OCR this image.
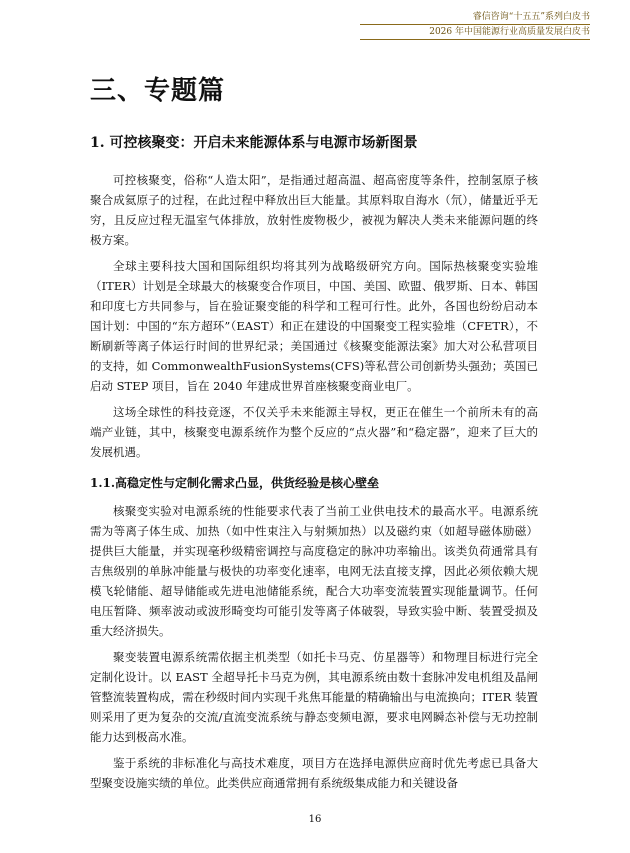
睿信咨询“十五五”系列白皮书
2026 年中国能源行业高质量发展白皮书
三、专题篇
1. 可控核聚变：开启未来能源体系与电源市场新图景

可控核聚变，俗称“人造太阳”，是指通过超高温、超高密度等条件，控制氢原子核聚合成氦原子的过程，在此过程中释放出巨大能量。其原料取自海水（氘），储量近乎无穷，且反应过程无温室气体排放，放射性废物极少，被视为解决人类未来能源问题的终极方案。

全球主要科技大国和国际组织均将其列为战略级研究方向。国际热核聚变实验堆（ITER）计划是全球最大的核聚变合作项目，中国、美国、欧盟、俄罗斯、日本、韩国和印度七方共同参与，旨在验证聚变能的科学和工程可行性。此外，各国也纷纷启动本国计划：中国的“东方超环”（EAST）和正在建设的中国聚变工程实验堆（CFETR），不断刷新等离子体运行时间的世界纪录；美国通过《核聚变能源法案》加大对公私营项目的支持，如 CommonwealthFusionSystems(CFS)等私营公司创新势头强劲；英国已启动 STEP 项目，旨在 2040 年建成世界首座核聚变商业电厂。

这场全球性的科技竞逐，不仅关乎未来能源主导权，更正在催生一个前所未有的高端产业链，其中，核聚变电源系统作为整个反应的“点火器”和“稳定器”，迎来了巨大的发展机遇。

1.1.高稳定性与定制化需求凸显，供货经验是核心壁垒

核聚变实验对电源系统的性能要求代表了当前工业供电技术的最高水平。电源系统需为等离子体生成、加热（如中性束注入与射频加热）以及磁约束（如超导磁体励磁）提供巨大能量，并实现毫秒级精密调控与高度稳定的脉冲功率输出。该类负荷通常具有吉焦级别的单脉冲能量与极快的功率变化速率，电网无法直接支撑，因此必须依赖大规模飞轮储能、超导储能或先进电池储能系统，配合大功率变流装置实现能量调节。任何电压暂降、频率波动或波形畸变均可能引发等离子体破裂，导致实验中断、装置受损及重大经济损失。

聚变装置电源系统需依据主机类型（如托卡马克、仿星器等）和物理目标进行完全定制化设计。以 EAST 全超导托卡马克为例，其电源系统由数十套脉冲发电机组及晶闸管整流装置构成，需在秒级时间内实现千兆焦耳能量的精确输出与电流换向；ITER 装置则采用了更为复杂的交流/直流变流系统与静态变频电源，要求电网瞬态补偿与无功控制能力达到极高水准。

鉴于系统的非标准化与高技术难度，项目方在选择电源供应商时优先考虑已具备大型聚变设施实绩的单位。此类供应商通常拥有系统级集成能力和关键设备

16
